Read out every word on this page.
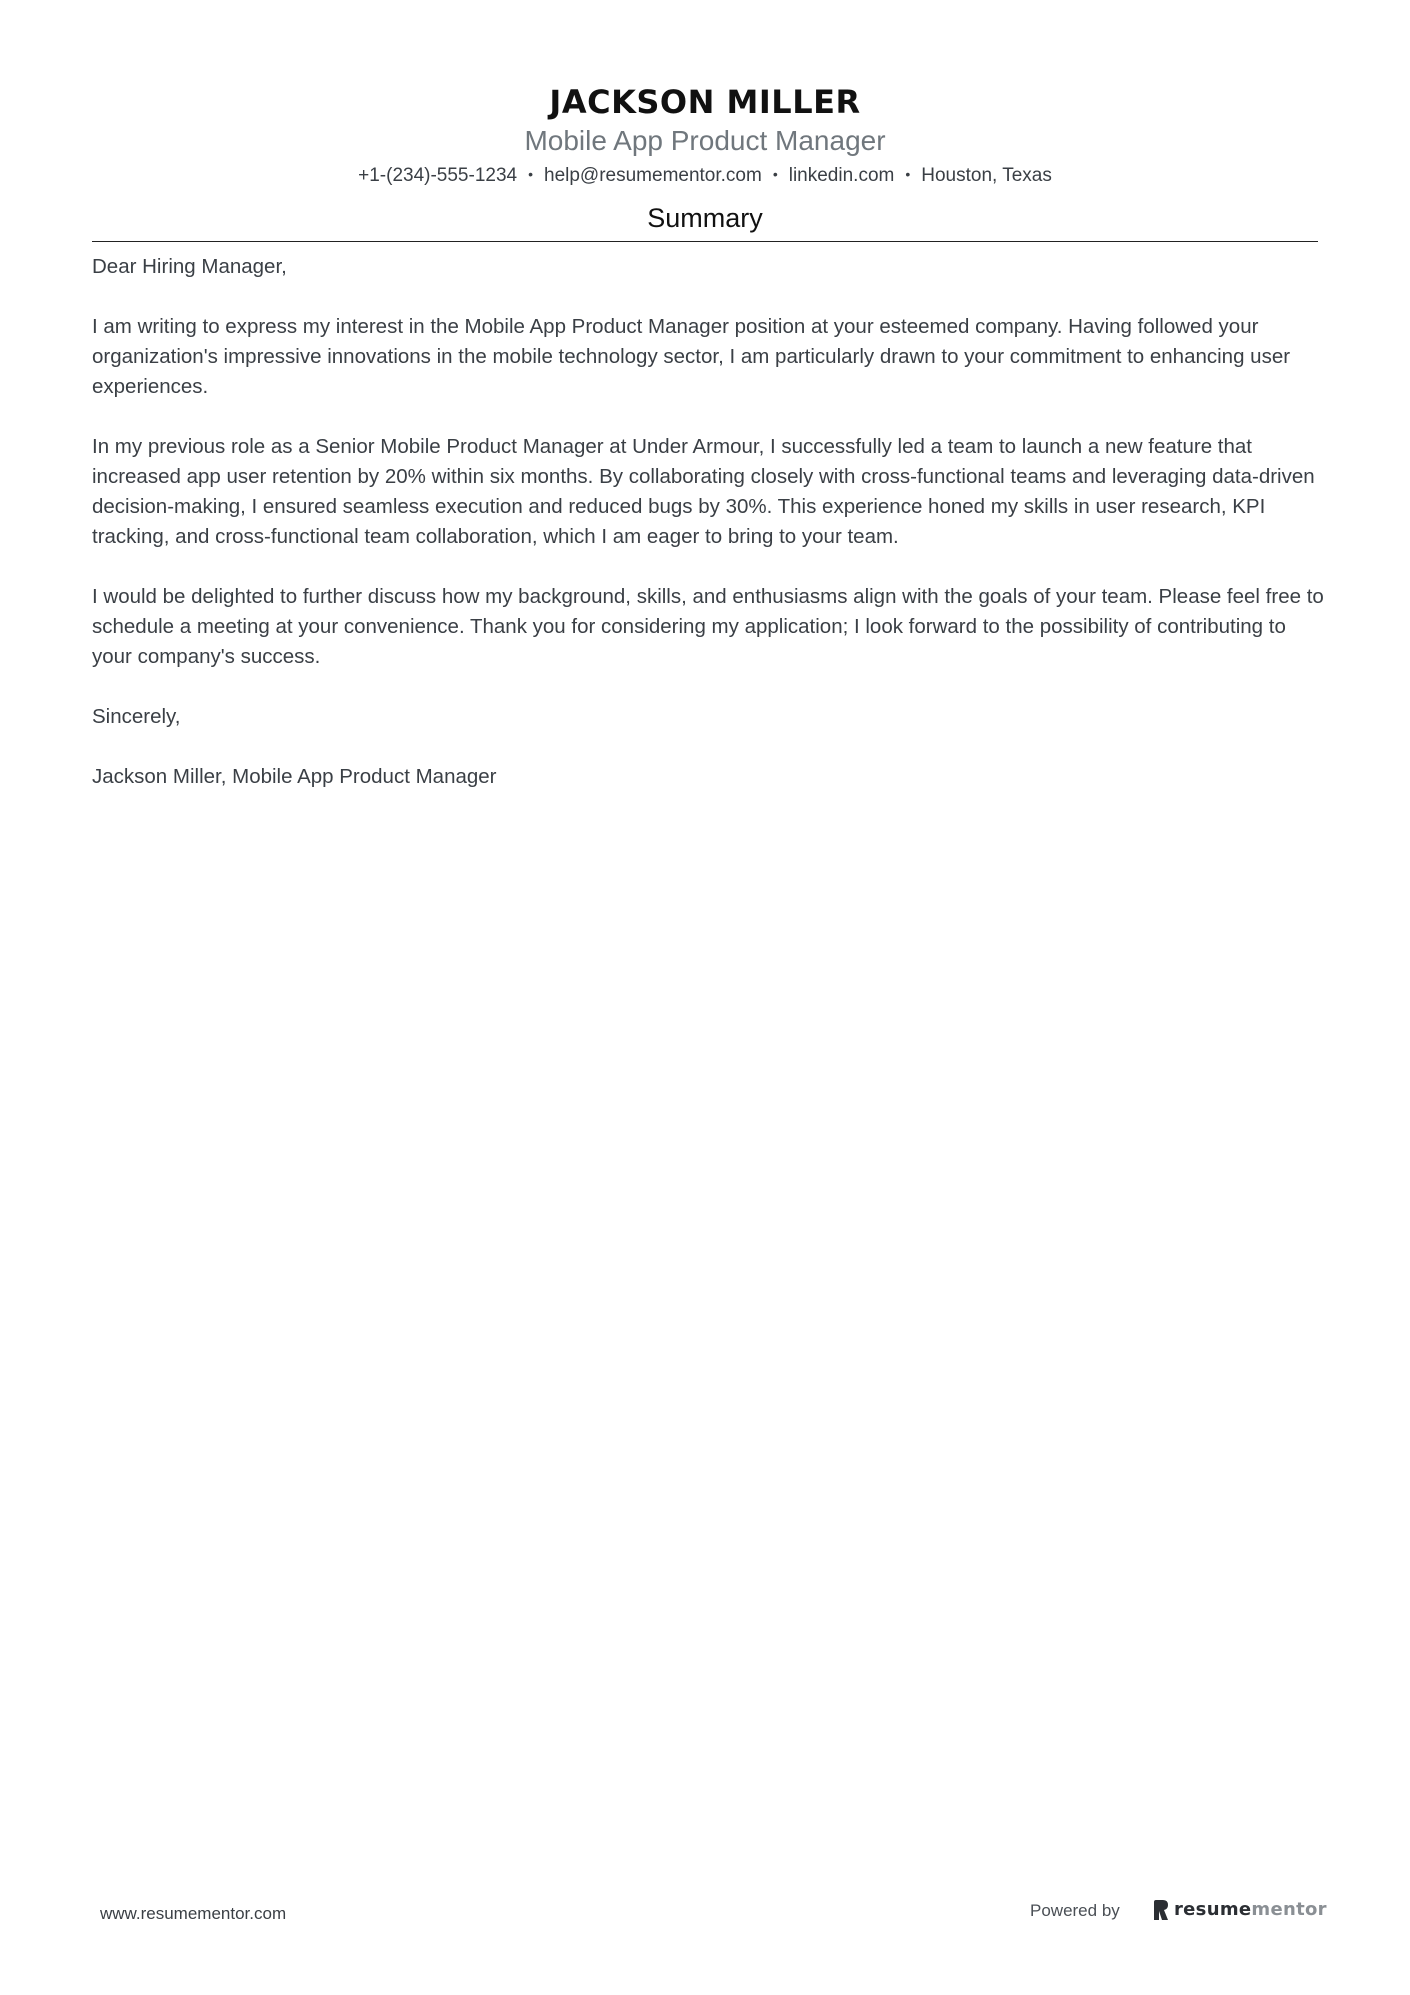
JACKSON MILLER
Mobile App Product Manager
+1-(234)-555-1234 • help@resumementor.com • linkedin.com • Houston, Texas
Summary

Dear Hiring Manager,

I am writing to express my interest in the Mobile App Product Manager position at your esteemed company. Having followed your organization's impressive innovations in the mobile technology sector, I am particularly drawn to your commitment to enhancing user experiences.

In my previous role as a Senior Mobile Product Manager at Under Armour, I successfully led a team to launch a new feature that increased app user retention by 20% within six months. By collaborating closely with cross-functional teams and leveraging data-driven decision-making, I ensured seamless execution and reduced bugs by 30%. This experience honed my skills in user research, KPI tracking, and cross-functional team collaboration, which I am eager to bring to your team.

I would be delighted to further discuss how my background, skills, and enthusiasms align with the goals of your team. Please feel free to schedule a meeting at your convenience. Thank you for considering my application; I look forward to the possibility of contributing to your company's success.

Sincerely,

Jackson Miller, Mobile App Product Manager

www.resumementor.com	Powered by	resumementor
